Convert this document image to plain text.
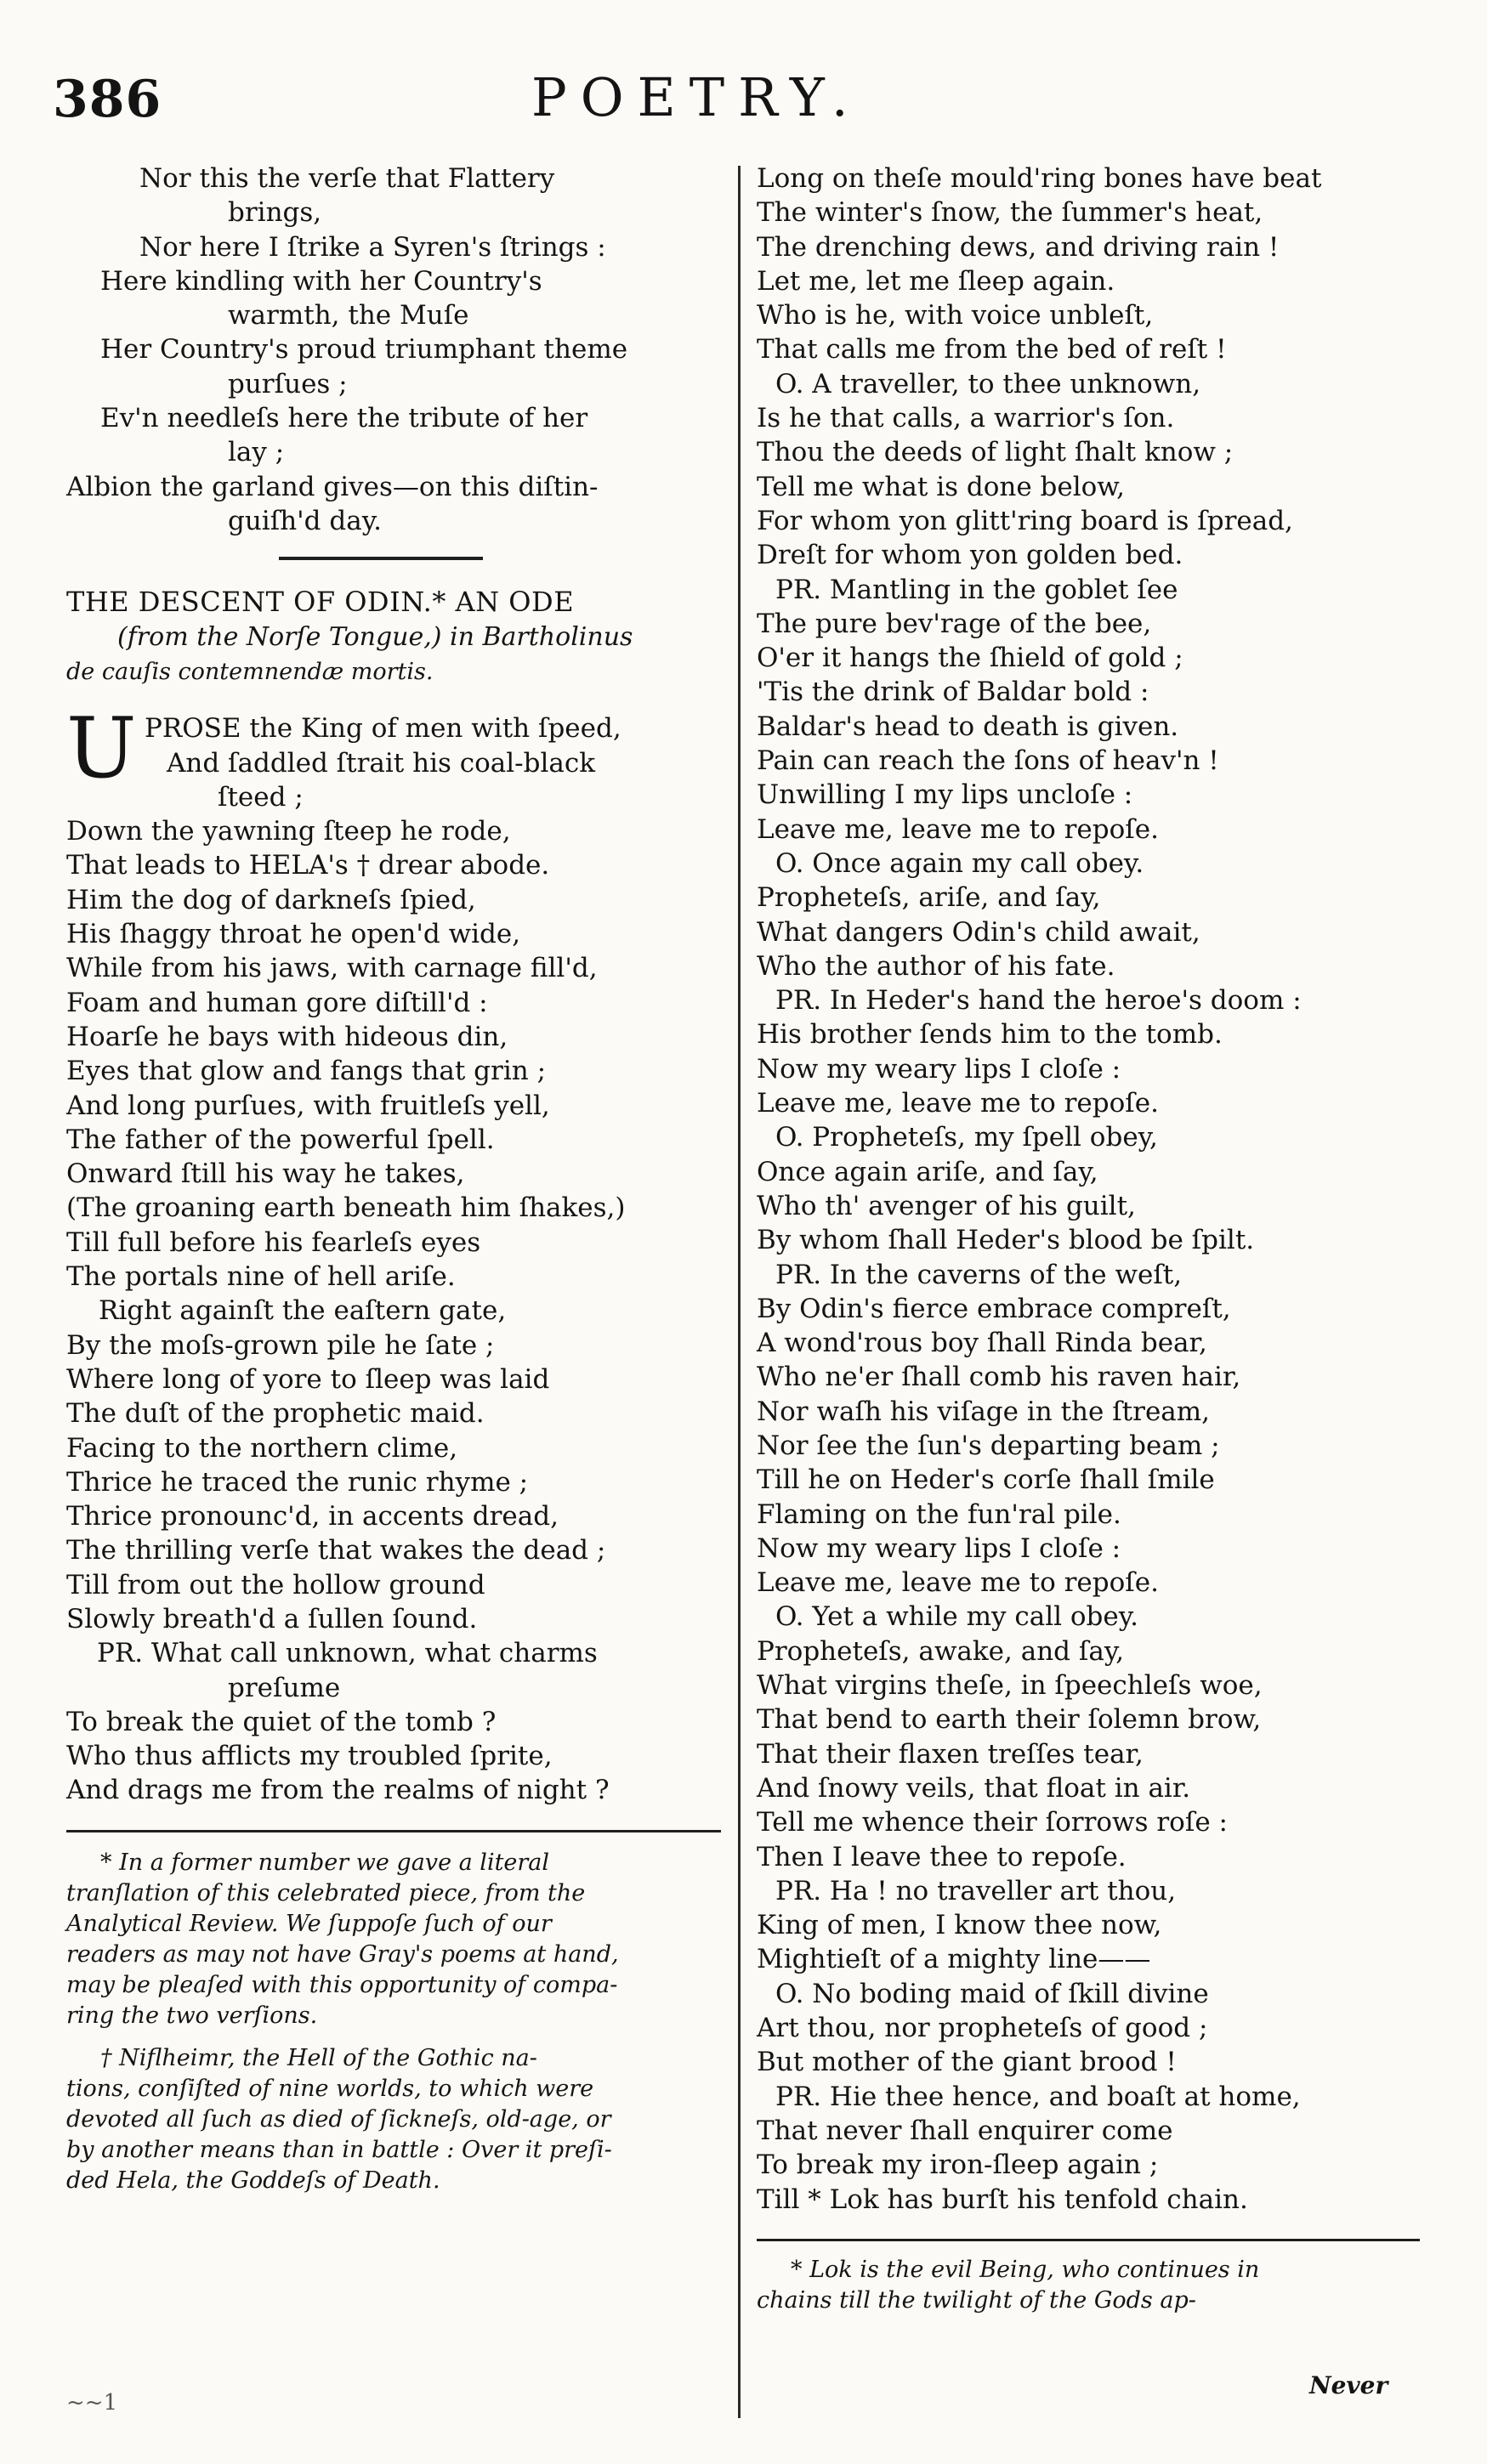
386	POETRY.
Nor this the verſe that Flattery
brings,
Nor here I ſtrike a Syren's ſtrings :
Here kindling with her Country's
warmth, the Muſe
Her Country's proud triumphant theme
purſues ;
Ev'n needleſs here the tribute of her
lay ;
Albion the garland gives—on this diſtin-
guiſh'd day.
THE DESCENT OF ODIN.* AN ODE
(from the Norſe Tongue,) in Bartholinus
de cauſis contemnendæ mortis.
U PROSE the King of men with ſpeed,
And ſaddled ſtrait his coal-black
ſteed ;
Down the yawning ſteep he rode,
That leads to HELA's † drear abode.
Him the dog of darkneſs ſpied,
His ſhaggy throat he open'd wide,
While from his jaws, with carnage fill'd,
Foam and human gore diſtill'd :
Hoarſe he bays with hideous din,
Eyes that glow and fangs that grin ;
And long purſues, with fruitleſs yell,
The father of the powerful ſpell.
Onward ſtill his way he takes,
(The groaning earth beneath him ſhakes,)
Till full before his fearleſs eyes
The portals nine of hell ariſe.
Right againſt the eaſtern gate,
By the moſs-grown pile he ſate ;
Where long of yore to ſleep was laid
The duſt of the prophetic maid.
Facing to the northern clime,
Thrice he traced the runic rhyme ;
Thrice pronounc'd, in accents dread,
The thrilling verſe that wakes the dead ;
Till from out the hollow ground
Slowly breath'd a ſullen ſound.
PR. What call unknown, what charms
preſume
To break the quiet of the tomb ?
Who thus afflicts my troubled ſprite,
And drags me from the realms of night ?
* In a former number we gave a literal
tranſlation of this celebrated piece, from the
Analytical Review. We ſuppoſe ſuch of our
readers as may not have Gray's poems at hand,
may be pleaſed with this opportunity of compa-
ring the two verſions.
† Niflheimr, the Hell of the Gothic na-
tions, conſiſted of nine worlds, to which were
devoted all ſuch as died of ſickneſs, old-age, or
by another means than in battle : Over it preſi-
ded Hela, the Goddeſs of Death.
Long on theſe mould'ring bones have beat
The winter's ſnow, the ſummer's heat,
The drenching dews, and driving rain !
Let me, let me ſleep again.
Who is he, with voice unbleſt,
That calls me from the bed of reſt !
O. A traveller, to thee unknown,
Is he that calls, a warrior's ſon.
Thou the deeds of light ſhalt know ;
Tell me what is done below,
For whom yon glitt'ring board is ſpread,
Dreſt for whom yon golden bed.
PR. Mantling in the goblet ſee
The pure bev'rage of the bee,
O'er it hangs the ſhield of gold ;
'Tis the drink of Baldar bold :
Baldar's head to death is given.
Pain can reach the ſons of heav'n !
Unwilling I my lips uncloſe :
Leave me, leave me to repoſe.
O. Once again my call obey.
Propheteſs, ariſe, and ſay,
What dangers Odin's child await,
Who the author of his fate.
PR. In Heder's hand the heroe's doom :
His brother ſends him to the tomb.
Now my weary lips I cloſe :
Leave me, leave me to repoſe.
O. Propheteſs, my ſpell obey,
Once again ariſe, and ſay,
Who th' avenger of his guilt,
By whom ſhall Heder's blood be ſpilt.
PR. In the caverns of the weſt,
By Odin's fierce embrace compreſt,
A wond'rous boy ſhall Rinda bear,
Who ne'er ſhall comb his raven hair,
Nor waſh his viſage in the ſtream,
Nor ſee the ſun's departing beam ;
Till he on Heder's corſe ſhall ſmile
Flaming on the fun'ral pile.
Now my weary lips I cloſe :
Leave me, leave me to repoſe.
O. Yet a while my call obey.
Propheteſs, awake, and ſay,
What virgins theſe, in ſpeechleſs woe,
That bend to earth their ſolemn brow,
That their flaxen treſſes tear,
And ſnowy veils, that float in air.
Tell me whence their ſorrows roſe :
Then I leave thee to repoſe.
PR. Ha ! no traveller art thou,
King of men, I know thee now,
Mightieſt of a mighty line——
O. No boding maid of ſkill divine
Art thou, nor propheteſs of good ;
But mother of the giant brood !
PR. Hie thee hence, and boaſt at home,
That never ſhall enquirer come
To break my iron-ſleep again ;
Till * Lok has burſt his tenfold chain.
* Lok is the evil Being, who continues in
chains till the twilight of the Gods ap-
Never
~~1
